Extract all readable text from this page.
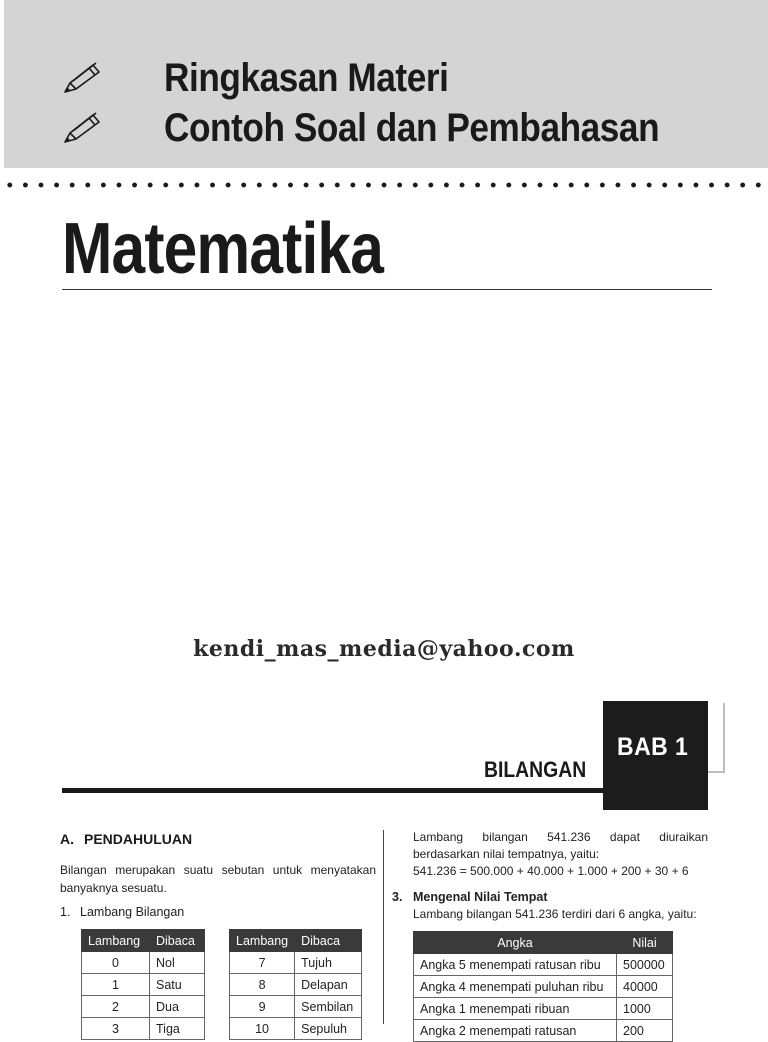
Ringkasan Materi
Contoh Soal dan Pembahasan
Matematika
kendi_mas_media@yahoo.com
BAB 1
BILANGAN
A. PENDAHULUAN
Bilangan merupakan suatu sebutan untuk menyatakan banyaknya sesuatu.
1. Lambang Bilangan
Lambang	Dibaca
0	Nol
1	Satu
2	Dua
3	Tiga
Lambang	Dibaca
7	Tujuh
8	Delapan
9	Sembilan
10	Sepuluh
Lambang bilangan 541.236 dapat diuraikan berdasarkan nilai tempatnya, yaitu:
541.236 = 500.000 + 40.000 + 1.000 + 200 + 30 + 6
3. Mengenal Nilai Tempat
Lambang bilangan 541.236 terdiri dari 6 angka, yaitu:
Angka	Nilai
Angka 5 menempati ratusan ribu	500000
Angka 4 menempati puluhan ribu	40000
Angka 1 menempati ribuan	1000
Angka 2 menempati ratusan	200
